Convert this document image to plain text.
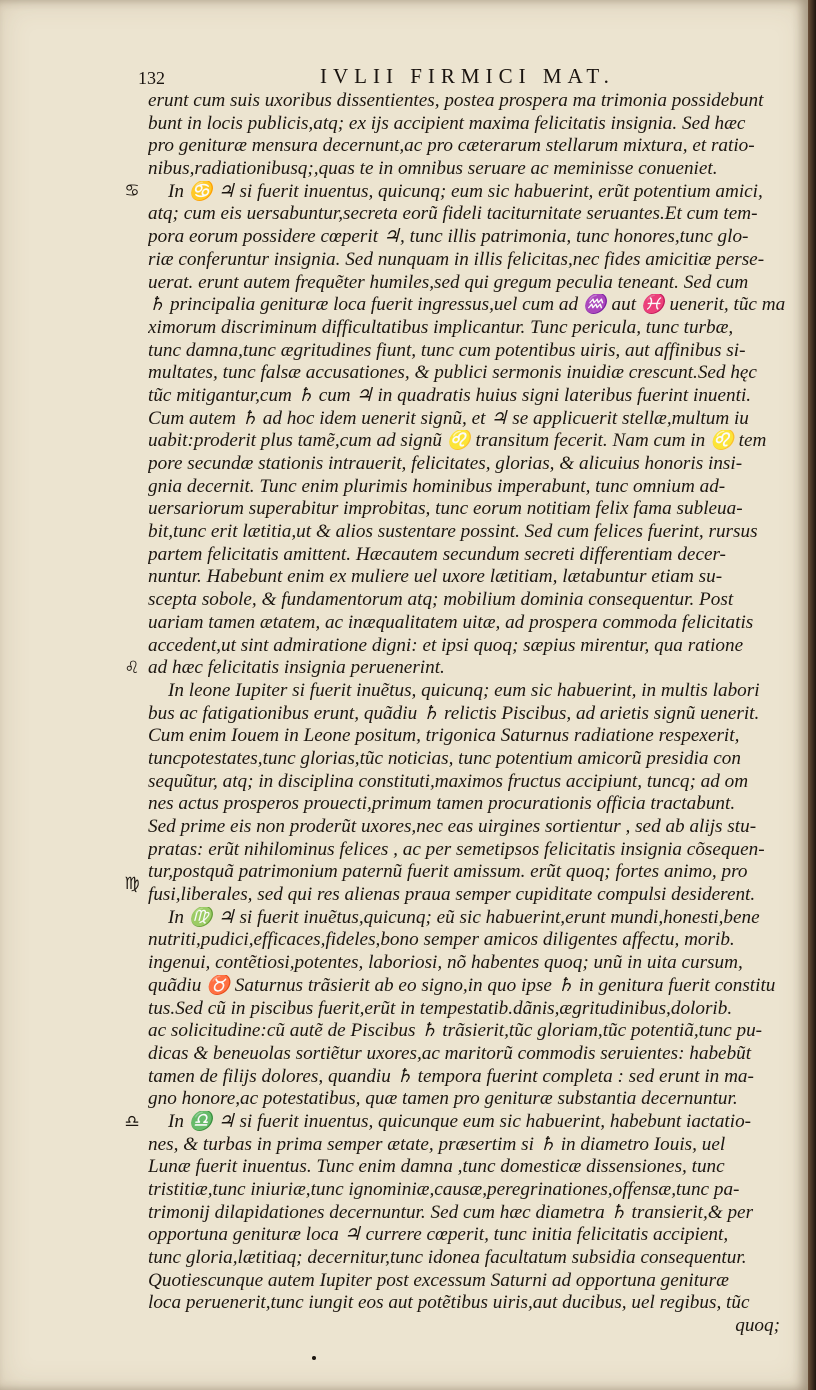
132	IVLII FIRMICI MAT.
♋
♌
♍
♎
erunt cum suis uxoribus dissentientes, postea prospera ma trimonia possidebunt
bunt in locis publicis,atq; ex ijs accipient maxima felicitatis insignia. Sed hæc
pro genituræ mensura decernunt,ac pro cæterarum stellarum mixtura, et ratio-
nibus,radiationibusq;,quas te in omnibus seruare ac meminisse conueniet.
In ♋ ♃ si fuerit inuentus, quicunq; eum sic habuerint, erũt potentium amici,
atq; cum eis uersabuntur,secreta eorũ fideli taciturnitate seruantes.Et cum tem-
pora eorum possidere cœperit ♃, tunc illis patrimonia, tunc honores,tunc glo-
riæ conferuntur insignia. Sed nunquam in illis felicitas,nec fides amicitiæ perse-
uerat. erunt autem frequẽter humiles,sed qui gregum peculia teneant. Sed cum
♄ principalia genituræ loca fuerit ingressus,uel cum ad ♒ aut ♓ uenerit, tũc ma
ximorum discriminum difficultatibus implicantur. Tunc pericula, tunc turbæ,
tunc damna,tunc ægritudines fiunt, tunc cum potentibus uiris, aut affinibus si-
multates, tunc falsæ accusationes, & publici sermonis inuidiæ crescunt.Sed hęc
tũc mitigantur,cum ♄ cum ♃ in quadratis huius signi lateribus fuerint inuenti.
Cum autem ♄ ad hoc idem uenerit signũ, et ♃ se applicuerit stellæ,multum iu
uabit:proderit plus tamẽ,cum ad signũ ♌ transitum fecerit. Nam cum in ♌ tem
pore secundæ stationis intrauerit, felicitates, glorias, & alicuius honoris insi-
gnia decernit. Tunc enim plurimis hominibus imperabunt, tunc omnium ad-
uersariorum superabitur improbitas, tunc eorum notitiam felix fama subleua-
bit,tunc erit lætitia,ut & alios sustentare possint. Sed cum felices fuerint, rursus
partem felicitatis amittent. Hæcautem secundum secreti differentiam decer-
nuntur. Habebunt enim ex muliere uel uxore lætitiam, lætabuntur etiam su-
scepta sobole, & fundamentorum atq; mobilium dominia consequentur. Post
uariam tamen ætatem, ac inæqualitatem uitæ, ad prospera commoda felicitatis
accedent,ut sint admiratione digni: et ipsi quoq; sæpius mirentur, qua ratione
ad hæc felicitatis insignia peruenerint.
In leone Iupiter si fuerit inuẽtus, quicunq; eum sic habuerint, in multis labori
bus ac fatigationibus erunt, quãdiu ♄ relictis Piscibus, ad arietis signũ uenerit.
Cum enim Iouem in Leone positum, trigonica Saturnus radiatione respexerit,
tuncpotestates,tunc glorias,tũc noticias, tunc potentium amicorũ presidia con
sequũtur, atq; in disciplina constituti,maximos fructus accipiunt, tuncq; ad om
nes actus prosperos prouecti,primum tamen procurationis officia tractabunt.
Sed prime eis non proderũt uxores,nec eas uirgines sortientur , sed ab alijs stu-
pratas: erũt nihilominus felices , ac per semetipsos felicitatis insignia cõsequen-
tur,postquã patrimonium paternũ fuerit amissum. erũt quoq; fortes animo, pro
fusi,liberales, sed qui res alienas praua semper cupiditate compulsi desiderent.
In ♍ ♃ si fuerit inuẽtus,quicunq; eũ sic habuerint,erunt mundi,honesti,bene
nutriti,pudici,efficaces,fideles,bono semper amicos diligentes affectu, morib.
ingenui, contẽtiosi,potentes, laboriosi, nõ habentes quoq; unũ in uita cursum,
quãdiu ♉ Saturnus trãsierit ab eo signo,in quo ipse ♄ in genitura fuerit constitu
tus.Sed cũ in piscibus fuerit,erũt in tempestatib.dãnis,ægritudinibus,dolorib.
ac solicitudine:cũ autẽ de Piscibus ♄ trãsierit,tũc gloriam,tũc potentiã,tunc pu-
dicas & beneuolas sortiẽtur uxores,ac maritorũ commodis seruientes: habebũt
tamen de filijs dolores, quandiu ♄ tempora fuerint completa : sed erunt in ma-
gno honore,ac potestatibus, quæ tamen pro genituræ substantia decernuntur.
In ♎ ♃ si fuerit inuentus, quicunque eum sic habuerint, habebunt iactatio-
nes, & turbas in prima semper ætate, præsertim si ♄ in diametro Iouis, uel
Lunæ fuerit inuentus. Tunc enim damna ,tunc domesticæ dissensiones, tunc
tristitiæ,tunc iniuriæ,tunc ignominiæ,causæ,peregrinationes,offensæ,tunc pa-
trimonij dilapidationes decernuntur. Sed cum hæc diametra ♄ transierit,& per
opportuna genituræ loca ♃ currere cœperit, tunc initia felicitatis accipient,
tunc gloria,lætitiaq; decernitur,tunc idonea facultatum subsidia consequentur.
Quotiescunque autem Iupiter post excessum Saturni ad opportuna genituræ
loca peruenerit,tunc iungit eos aut potẽtibus uiris,aut ducibus, uel regibus, tũc
quoq;
